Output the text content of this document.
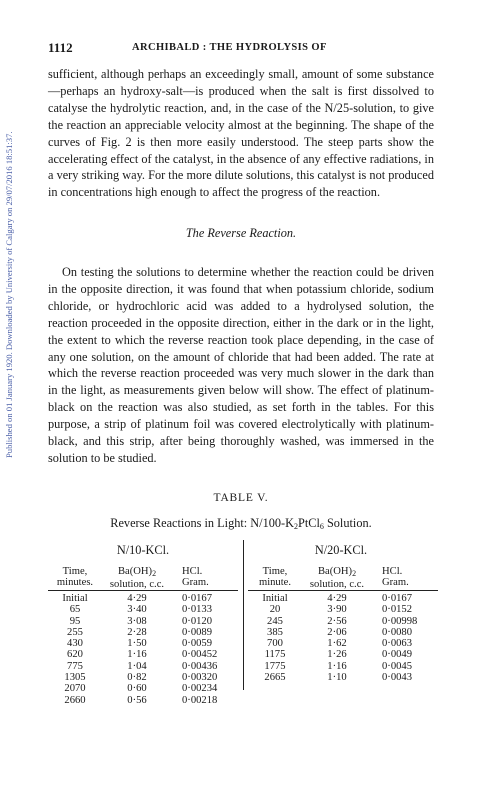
Published on 01 January 1920. Downloaded by University of Calgary on 29/07/2016 18:51:37.
1112	ARCHIBALD : THE HYDROLYSIS OF

sufficient, although perhaps an exceedingly small, amount of some substance—perhaps an hydroxy-salt—is produced when the salt is first dissolved to catalyse the hydrolytic reaction, and, in the case of the N/25-solution, to give the reaction an appreciable velocity almost at the beginning. The shape of the curves of Fig. 2 is then more easily understood. The steep parts show the accelerating effect of the catalyst, in the absence of any effective radiations, in a very striking way. For the more dilute solutions, this catalyst is not produced in concentrations high enough to affect the progress of the reaction.

The Reverse Reaction.

On testing the solutions to determine whether the reaction could be driven in the opposite direction, it was found that when potassium chloride, sodium chloride, or hydrochloric acid was added to a hydrolysed solution, the reaction proceeded in the opposite direction, either in the dark or in the light, the extent to which the reverse reaction took place depending, in the case of any one solution, on the amount of chloride that had been added. The rate at which the reverse reaction proceeded was very much slower in the dark than in the light, as measurements given below will show. The effect of platinum-black on the reaction was also studied, as set forth in the tables. For this purpose, a strip of platinum foil was covered electrolytically with platinum-black, and this strip, after being thoroughly washed, was immersed in the solution to be studied.

TABLE V.
Reverse Reactions in Light: N/100-K2PtCl6 Solution.
N/10-KCl.	N/20-KCl.
Time,
minutes.	Ba(OH)2
solution, c.c.	HCl.
Gram.

Initial	4·29	0·0167
65	3·40	0·0133
95	3·08	0·0120
255	2·28	0·0089
430	1·50	0·0059
620	1·16	0·00452
775	1·04	0·00436
1305	0·82	0·00320
2070	0·60	0·00234
2660	0·56	0·00218
Time,
minute.	Ba(OH)2
solution, c.c.	HCl.
Gram.

Initial	4·29	0·0167
20	3·90	0·0152
245	2·56	0·00998
385	2·06	0·0080
700	1·62	0·0063
1175	1·26	0·0049
1775	1·16	0·0045
2665	1·10	0·0043
